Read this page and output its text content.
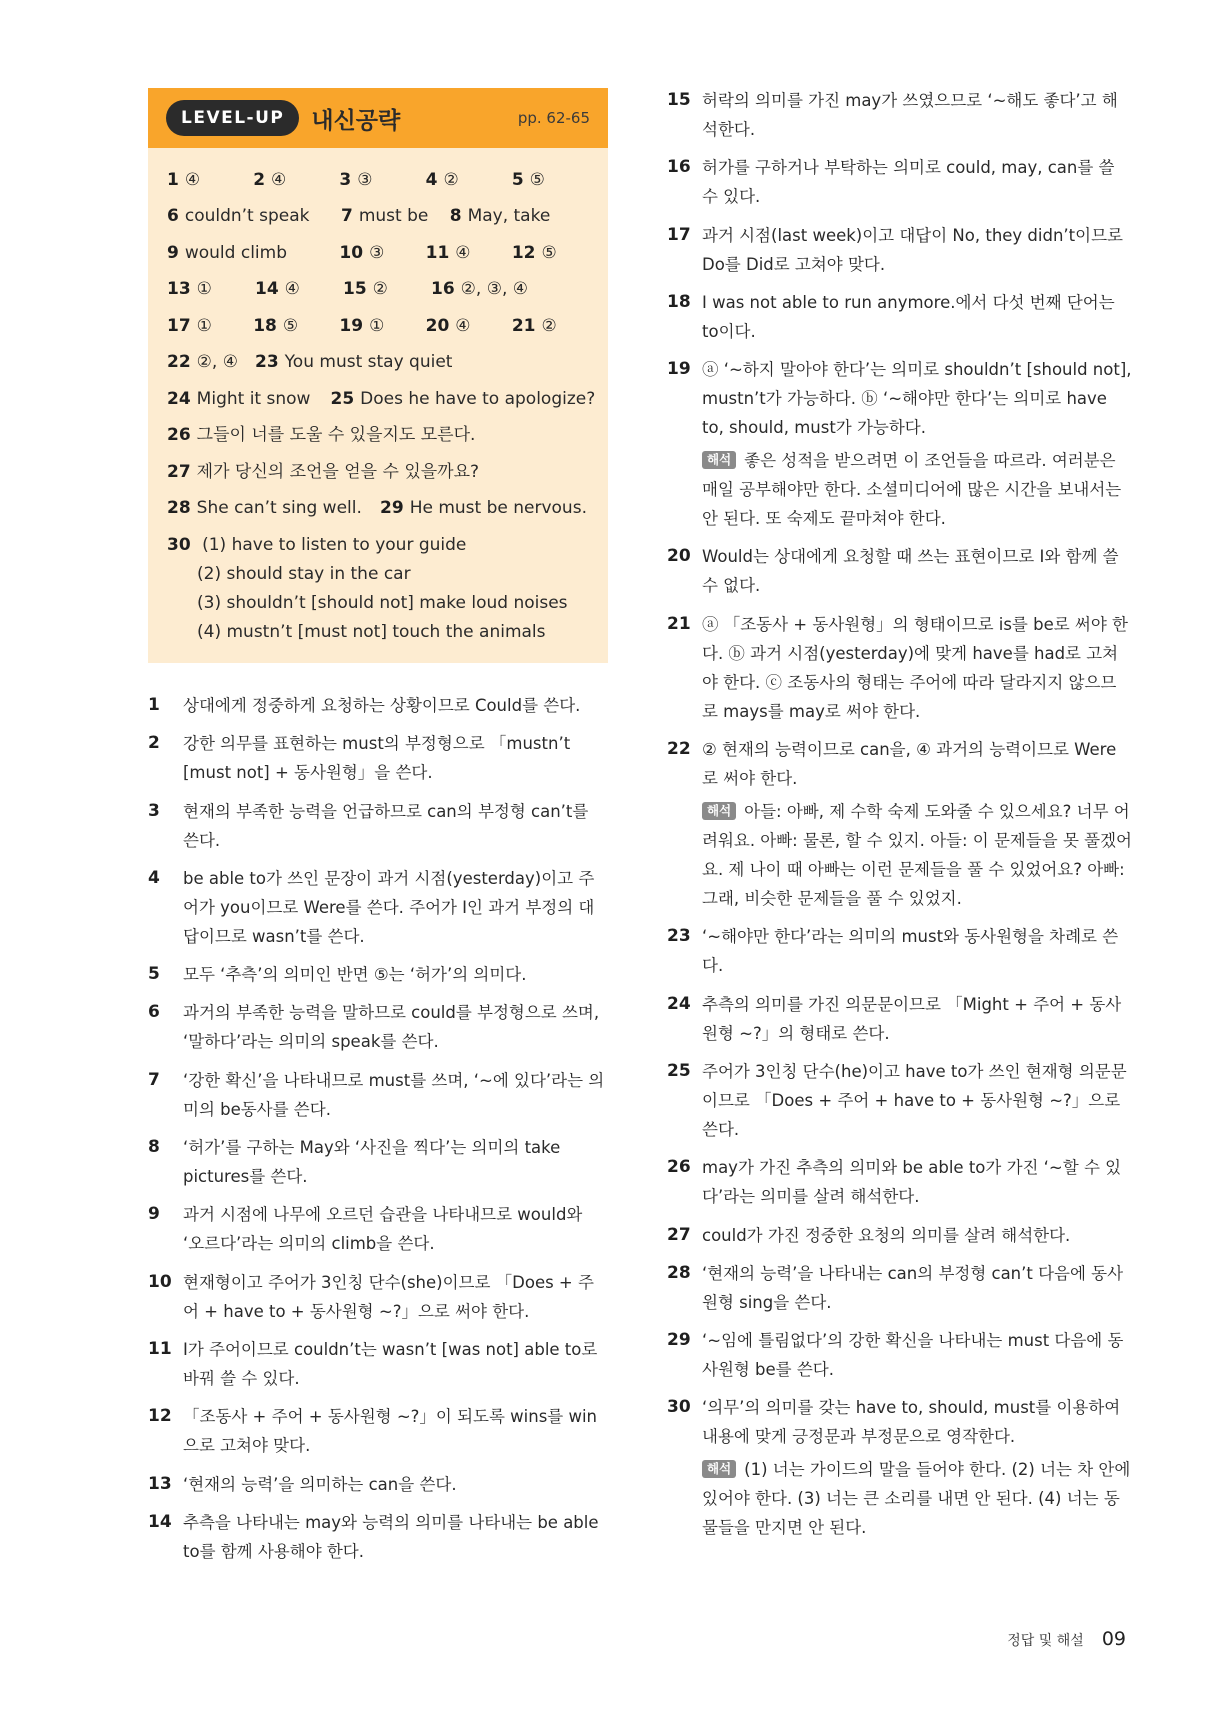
LEVEL-UP	내신공략	pp. 62-65
1 ④	2 ④	3 ③	4 ②	5 ⑤
6 couldn’t speak	7 must be	8 May, take
9 would climb	10 ③	11 ④	12 ⑤
13 ①	14 ④	15 ②	16 ②, ③, ④
17 ①	18 ⑤	19 ①	20 ④	21 ②
22 ②, ④	23 You must stay quiet
24 Might it snow	25 Does he have to apologize?
26 그들이 너를 도울 수 있을지도 모른다.
27 제가 당신의 조언을 얻을 수 있을까요?
28 She can’t sing well.	29 He must be nervous.
30 (1) have to listen to your guide
(2) should stay in the car
(3) shouldn’t [should not] make loud noises
(4) mustn’t [must not] touch the animals
1	상대에게 정중하게 요청하는 상황이므로 Could를 쓴다.
2	강한 의무를 표현하는 must의 부정형으로 「mustn’t [must not] + 동사원형」을 쓴다.
3	현재의 부족한 능력을 언급하므로 can의 부정형 can’t를 쓴다.
4	be able to가 쓰인 문장이 과거 시점(yesterday)이고 주어가 you이므로 Were를 쓴다. 주어가 I인 과거 부정의 대답이므로 wasn’t를 쓴다.
5	모두 ‘추측’의 의미인 반면 ⑤는 ‘허가’의 의미다.
6	과거의 부족한 능력을 말하므로 could를 부정형으로 쓰며, ‘말하다’라는 의미의 speak를 쓴다.
7	‘강한 확신’을 나타내므로 must를 쓰며, ‘~에 있다’라는 의미의 be동사를 쓴다.
8	‘허가’를 구하는 May와 ‘사진을 찍다’는 의미의 take pictures를 쓴다.
9	과거 시점에 나무에 오르던 습관을 나타내므로 would와 ‘오르다’라는 의미의 climb을 쓴다.
10 현재형이고 주어가 3인칭 단수(she)이므로 「Does + 주어 + have to + 동사원형 ~?」으로 써야 한다.
11 I가 주어이므로 couldn’t는 wasn’t [was not] able to로 바꿔 쓸 수 있다.
12 「조동사 + 주어 + 동사원형 ~?」이 되도록 wins를 win으로 고쳐야 맞다.
13 ‘현재의 능력’을 의미하는 can을 쓴다.
14 추측을 나타내는 may와 능력의 의미를 나타내는 be able to를 함께 사용해야 한다.
15 허락의 의미를 가진 may가 쓰였으므로 ‘~해도 좋다’고 해석한다.
16 허가를 구하거나 부탁하는 의미로 could, may, can를 쓸 수 있다.
17 과거 시점(last week)이고 대답이 No, they didn’t이므로 Do를 Did로 고쳐야 맞다.
18 I was not able to run anymore.에서 다섯 번째 단어는 to이다.
19 ⓐ ‘~하지 말아야 한다’는 의미로 shouldn’t [should not], mustn’t가 가능하다. ⓑ ‘~해야만 한다’는 의미로 have to, should, must가 가능하다.
해석 좋은 성적을 받으려면 이 조언들을 따르라. 여러분은 매일 공부해야만 한다. 소셜미디어에 많은 시간을 보내서는 안 된다. 또 숙제도 끝마쳐야 한다.
20 Would는 상대에게 요청할 때 쓰는 표현이므로 I와 함께 쓸 수 없다.
21 ⓐ 「조동사 + 동사원형」의 형태이므로 is를 be로 써야 한다. ⓑ 과거 시점(yesterday)에 맞게 have를 had로 고쳐야 한다. ⓒ 조동사의 형태는 주어에 따라 달라지지 않으므로 mays를 may로 써야 한다.
22 ② 현재의 능력이므로 can을, ④ 과거의 능력이므로 Were로 써야 한다.
해석 아들: 아빠, 제 수학 숙제 도와줄 수 있으세요? 너무 어려워요. 아빠: 물론, 할 수 있지. 아들: 이 문제들을 못 풀겠어요. 제 나이 때 아빠는 이런 문제들을 풀 수 있었어요? 아빠: 그래, 비슷한 문제들을 풀 수 있었지.
23 ‘~해야만 한다’라는 의미의 must와 동사원형을 차례로 쓴다.
24 추측의 의미를 가진 의문문이므로 「Might + 주어 + 동사원형 ~?」의 형태로 쓴다.
25 주어가 3인칭 단수(he)이고 have to가 쓰인 현재형 의문문이므로 「Does + 주어 + have to + 동사원형 ~?」으로 쓴다.
26 may가 가진 추측의 의미와 be able to가 가진 ‘~할 수 있다’라는 의미를 살려 해석한다.
27 could가 가진 정중한 요청의 의미를 살려 해석한다.
28 ‘현재의 능력’을 나타내는 can의 부정형 can’t 다음에 동사원형 sing을 쓴다.
29 ‘~임에 틀림없다’의 강한 확신을 나타내는 must 다음에 동사원형 be를 쓴다.
30 ‘의무’의 의미를 갖는 have to, should, must를 이용하여 내용에 맞게 긍정문과 부정문으로 영작한다.
해석 (1) 너는 가이드의 말을 들어야 한다. (2) 너는 차 안에 있어야 한다. (3) 너는 큰 소리를 내면 안 된다. (4) 너는 동물들을 만지면 안 된다.
정답 및 해설 09
